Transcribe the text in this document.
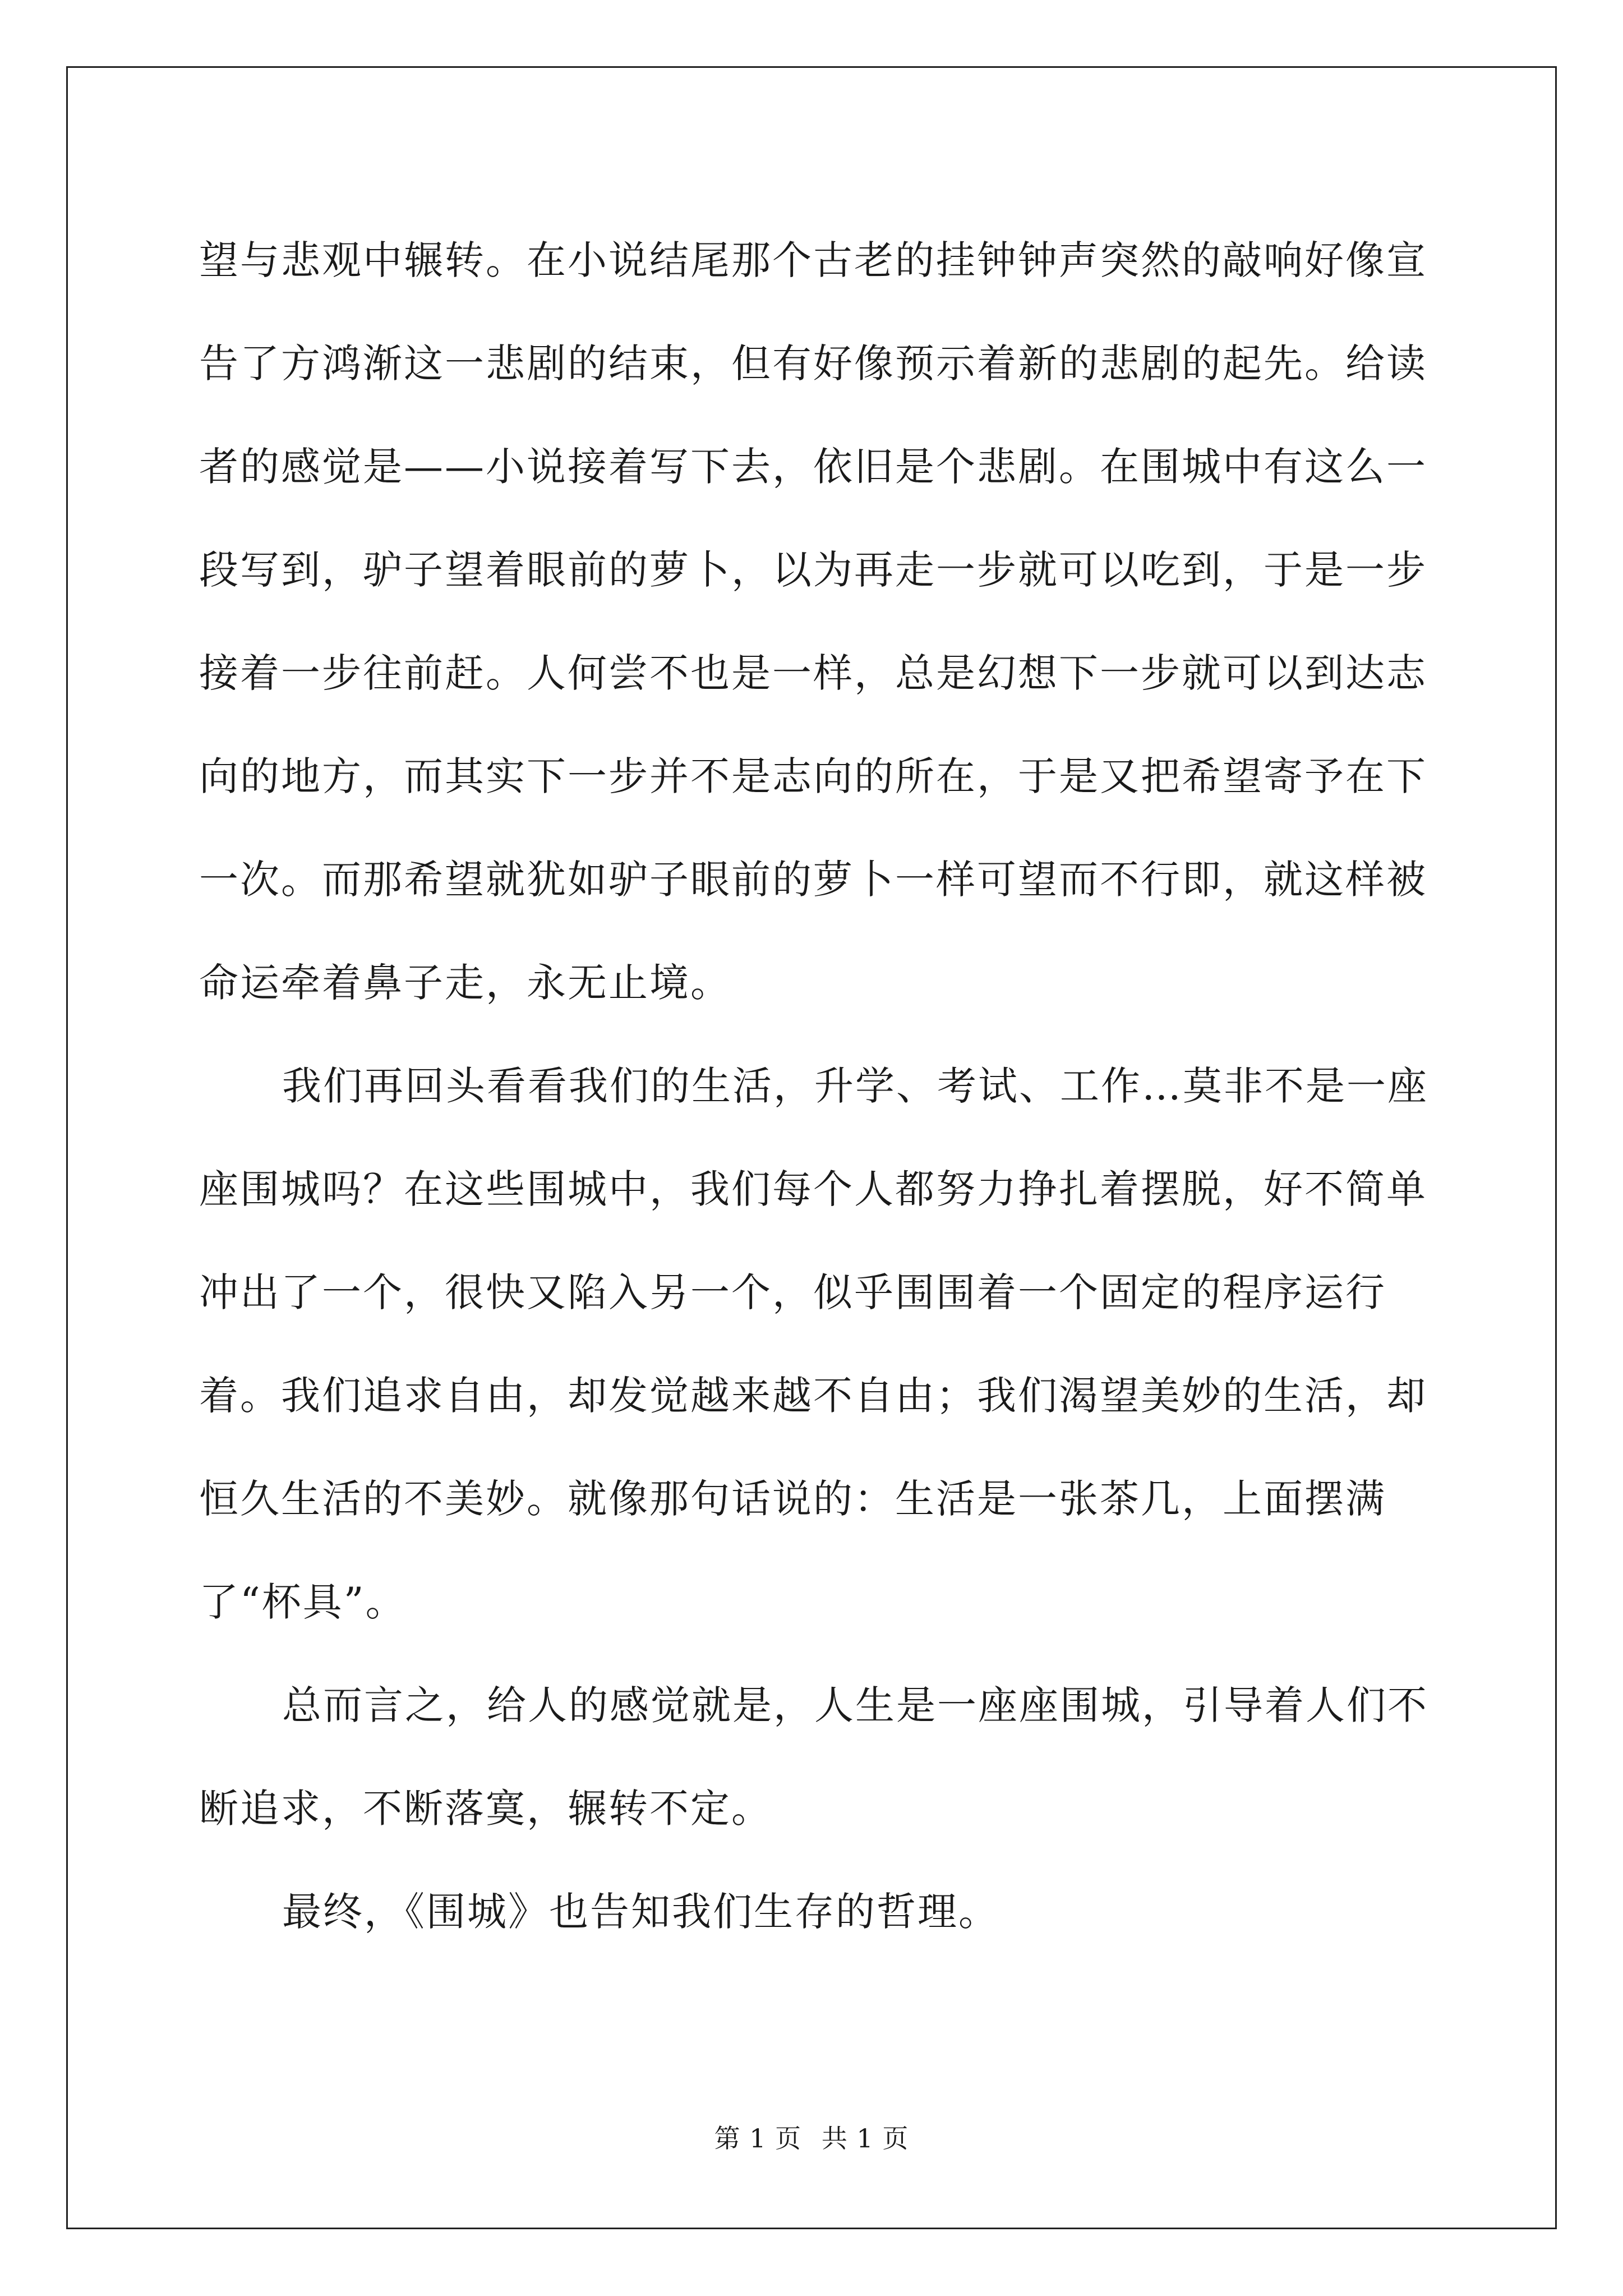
望与悲观中辗转。在小说结尾那个古老的挂钟钟声突然的敲响好像宣告了方鸿渐这一悲剧的结束，但有好像预示着新的悲剧的起先。给读者的感觉是——小说接着写下去，依旧是个悲剧。在围城中有这么一段写到，驴子望着眼前的萝卜，以为再走一步就可以吃到，于是一步接着一步往前赶。人何尝不也是一样，总是幻想下一步就可以到达志向的地方，而其实下一步并不是志向的所在，于是又把希望寄予在下一次。而那希望就犹如驴子眼前的萝卜一样可望而不行即，就这样被命运牵着鼻子走，永无止境。

我们再回头看看我们的生活，升学、考试、工作…莫非不是一座座围城吗？在这些围城中，我们每个人都努力挣扎着摆脱，好不简单冲出了一个，很快又陷入另一个，似乎围围着一个固定的程序运行着。我们追求自由，却发觉越来越不自由；我们渴望美妙的生活，却恒久生活的不美妙。就像那句话说的：生活是一张茶几，上面摆满了“杯具”。

总而言之，给人的感觉就是，人生是一座座围城，引导着人们不断追求，不断落寞，辗转不定。

最终，《围城》也告知我们生存的哲理。

第 1 页 共 1 页
